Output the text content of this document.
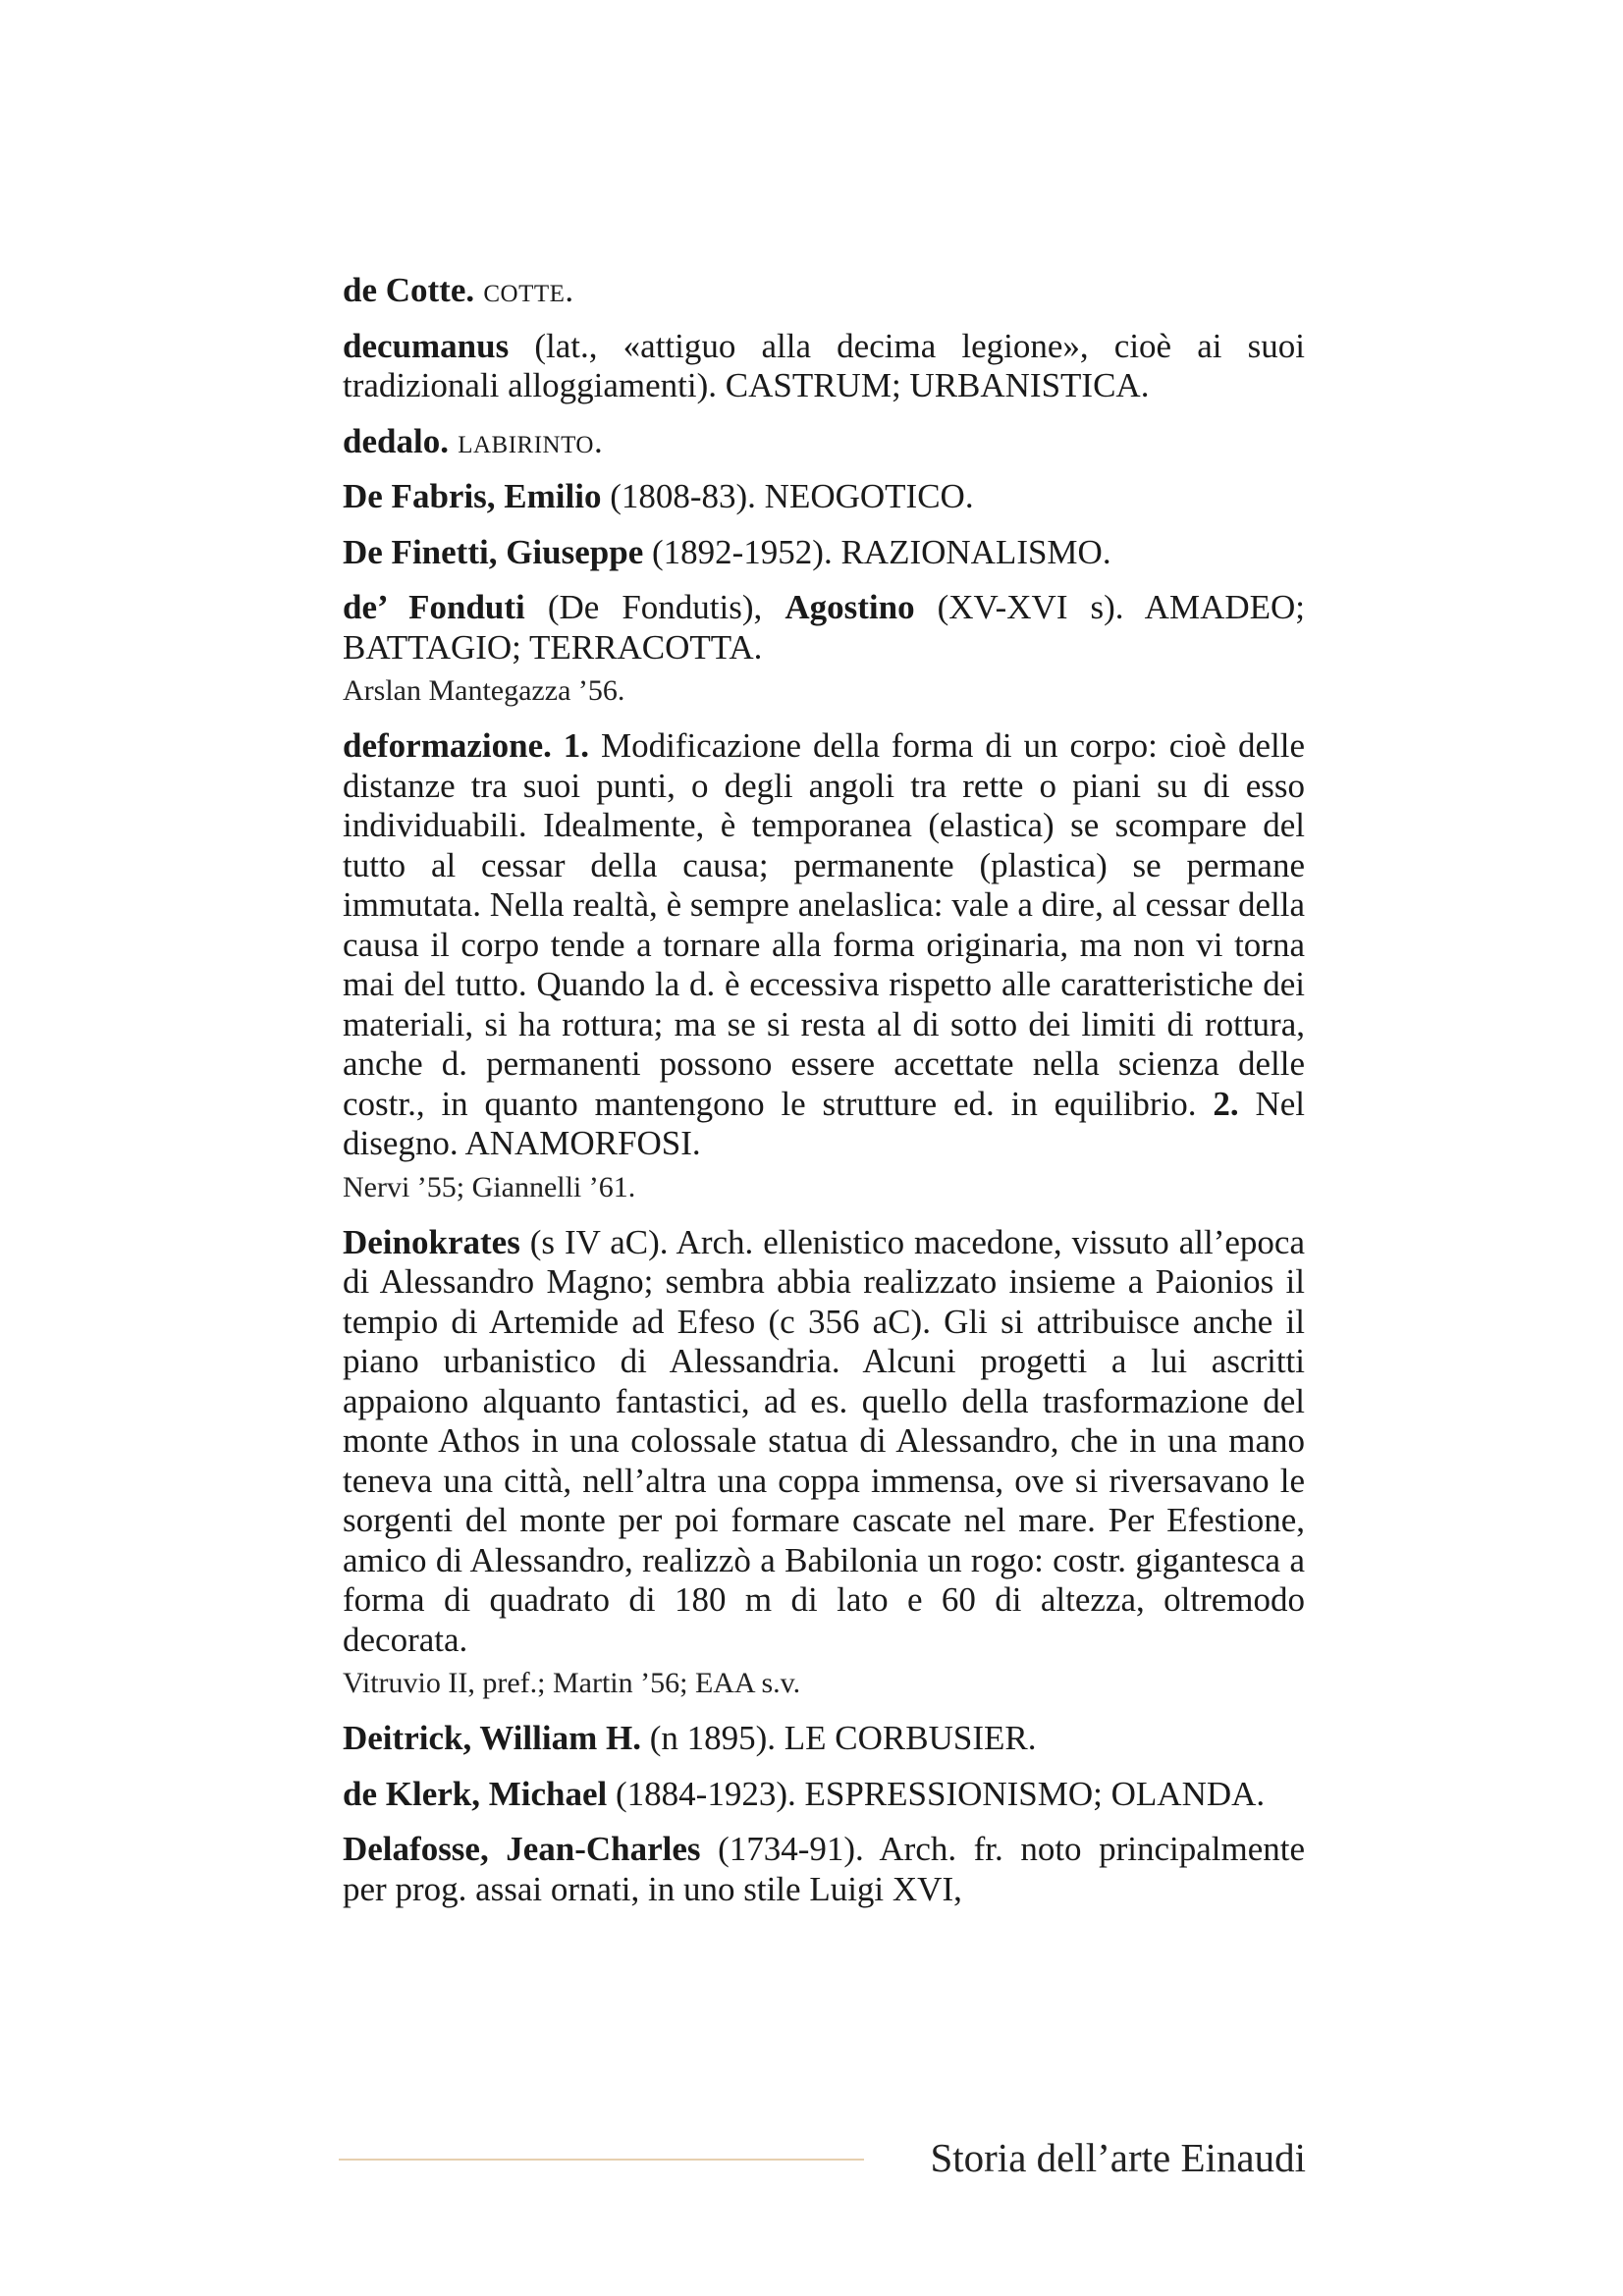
de Cotte. cotte.

decumanus (lat., «attiguo alla decima legione», cioè ai suoi tradizionali alloggiamenti). CASTRUM; URBANISTICA.

dedalo. labirinto.

De Fabris, Emilio (1808-83). NEOGOTICO.

De Finetti, Giuseppe (1892-1952). RAZIONALISMO.

de’ Fonduti (De Fondutis), Agostino (XV-XVI s). AMADEO; BATTAGIO; TERRACOTTA.

Arslan Mantegazza ’56.

deformazione. 1. Modificazione della forma di un corpo: cioè delle distanze tra suoi punti, o degli angoli tra rette o piani su di esso individuabili. Idealmente, è temporanea (elastica) se scompare del tutto al cessar della causa; permanente (plastica) se permane immutata. Nella realtà, è sempre anelaslica: vale a dire, al cessar della causa il corpo tende a tornare alla forma originaria, ma non vi torna mai del tutto. Quando la d. è eccessiva rispetto alle caratteristiche dei materiali, si ha rottura; ma se si resta al di sotto dei limiti di rottura, anche d. permanenti possono essere accettate nella scienza delle costr., in quanto mantengono le strutture ed. in equilibrio. 2. Nel disegno. ANAMORFOSI.

Nervi ’55; Giannelli ’61.

Deinokrates (s IV aC). Arch. ellenistico macedone, vissuto all’epoca di Alessandro Magno; sembra abbia realizzato insieme a Paionios il tempio di Artemide ad Efeso (c 356 aC). Gli si attribuisce anche il piano urbanistico di Alessandria. Alcuni progetti a lui ascritti appaiono alquanto fantastici, ad es. quello della trasformazione del monte Athos in una colossale statua di Alessandro, che in una mano teneva una città, nell’altra una coppa immensa, ove si riversavano le sorgenti del monte per poi formare cascate nel mare. Per Efestione, amico di Alessandro, realizzò a Babilonia un rogo: costr. gigantesca a forma di quadrato di 180 m di lato e 60 di altezza, oltremodo decorata.

Vitruvio II, pref.; Martin ’56; EAA s.v.

Deitrick, William H. (n 1895). LE CORBUSIER.

de Klerk, Michael (1884-1923). ESPRESSIONISMO; OLANDA.

Delafosse, Jean-Charles (1734-91). Arch. fr. noto principalmente per prog. assai ornati, in uno stile Luigi XVI,

Storia dell’arte Einaudi
